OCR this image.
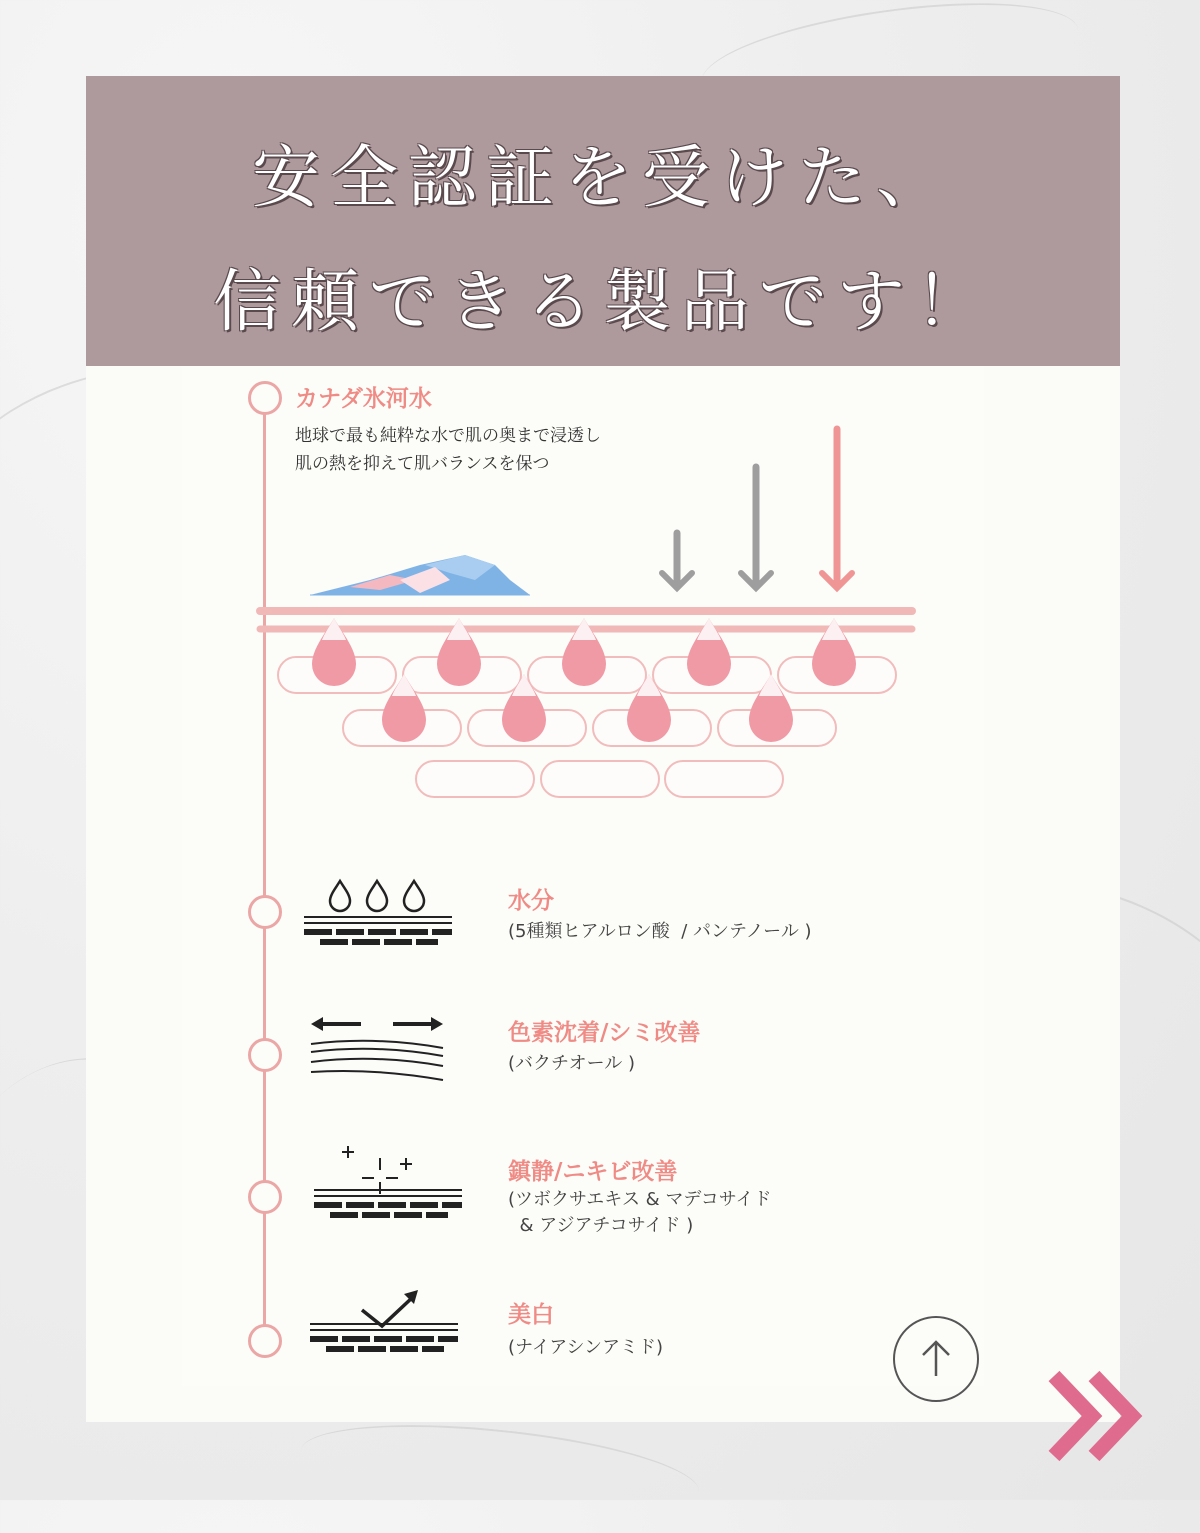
安全認証を受けた、
信頼できる製品です！
カナダ氷河水
地球で最も純粋な水で肌の奥まで浸透し
肌の熱を抑えて肌バランスを保つ
水分
(5種類ヒアルロン酸  / パンテノール )
色素沈着/シミ改善
(バクチオール )
鎮静/ニキビ改善
(ツボクサエキス & マデコサイド
& アジアチコサイド )
美白
(ナイアシンアミド)
